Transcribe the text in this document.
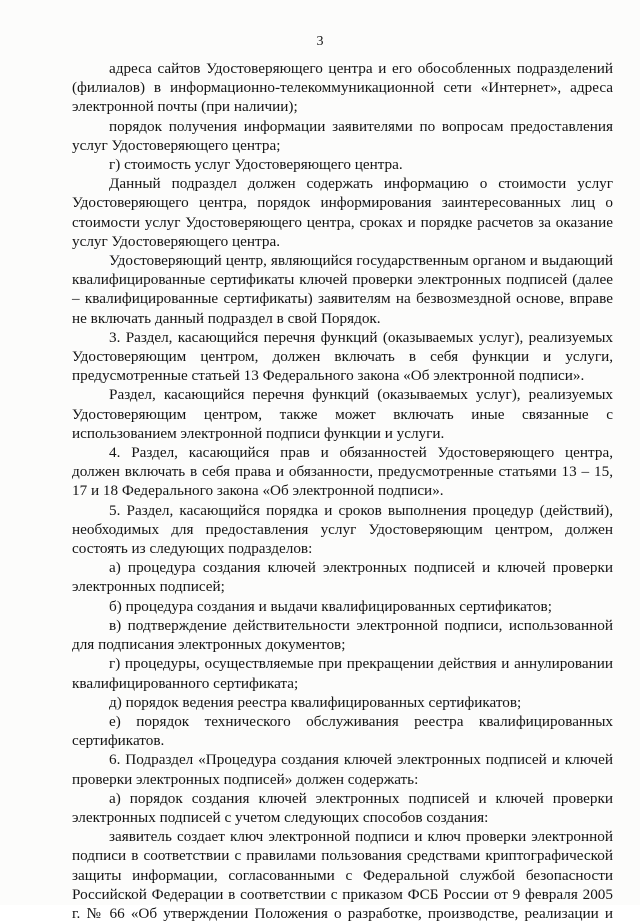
3

адреса сайтов Удостоверяющего центра и его обособленных подразделений (филиалов) в информационно-телекоммуникационной сети «Интернет», адреса электронной почты (при наличии);

порядок получения информации заявителями по вопросам предоставления услуг Удостоверяющего центра;

г) стоимость услуг Удостоверяющего центра.

Данный подраздел должен содержать информацию о стоимости услуг Удостоверяющего центра, порядок информирования заинтересованных лиц о стоимости услуг Удостоверяющего центра, сроках и порядке расчетов за оказание услуг Удостоверяющего центра.

Удостоверяющий центр, являющийся государственным органом и выдающий квалифицированные сертификаты ключей проверки электронных подписей (далее – квалифицированные сертификаты) заявителям на безвозмездной основе, вправе не включать данный подраздел в свой Порядок.

3. Раздел, касающийся перечня функций (оказываемых услуг), реализуемых Удостоверяющим центром, должен включать в себя функции и услуги, предусмотренные статьей 13 Федерального закона «Об электронной подписи».

Раздел, касающийся перечня функций (оказываемых услуг), реализуемых Удостоверяющим центром, также может включать иные связанные с использованием электронной подписи функции и услуги.

4. Раздел, касающийся прав и обязанностей Удостоверяющего центра, должен включать в себя права и обязанности, предусмотренные статьями 13 – 15, 17 и 18 Федерального закона «Об электронной подписи».

5. Раздел, касающийся порядка и сроков выполнения процедур (действий), необходимых для предоставления услуг Удостоверяющим центром, должен состоять из следующих подразделов:

а) процедура создания ключей электронных подписей и ключей проверки электронных подписей;

б) процедура создания и выдачи квалифицированных сертификатов;

в) подтверждение действительности электронной подписи, использованной для подписания электронных документов;

г) процедуры, осуществляемые при прекращении действия и аннулировании квалифицированного сертификата;

д) порядок ведения реестра квалифицированных сертификатов;

е) порядок технического обслуживания реестра квалифицированных сертификатов.

6. Подраздел «Процедура создания ключей электронных подписей и ключей проверки электронных подписей» должен содержать:

а) порядок создания ключей электронных подписей и ключей проверки электронных подписей с учетом следующих способов создания:

заявитель создает ключ электронной подписи и ключ проверки электронной подписи в соответствии с правилами пользования средствами криптографической защиты информации, согласованными с Федеральной службой безопасности Российской Федерации в соответствии с приказом ФСБ России от 9 февраля 2005 г. № 66 «Об утверждении Положения о разработке, производстве, реализации и
